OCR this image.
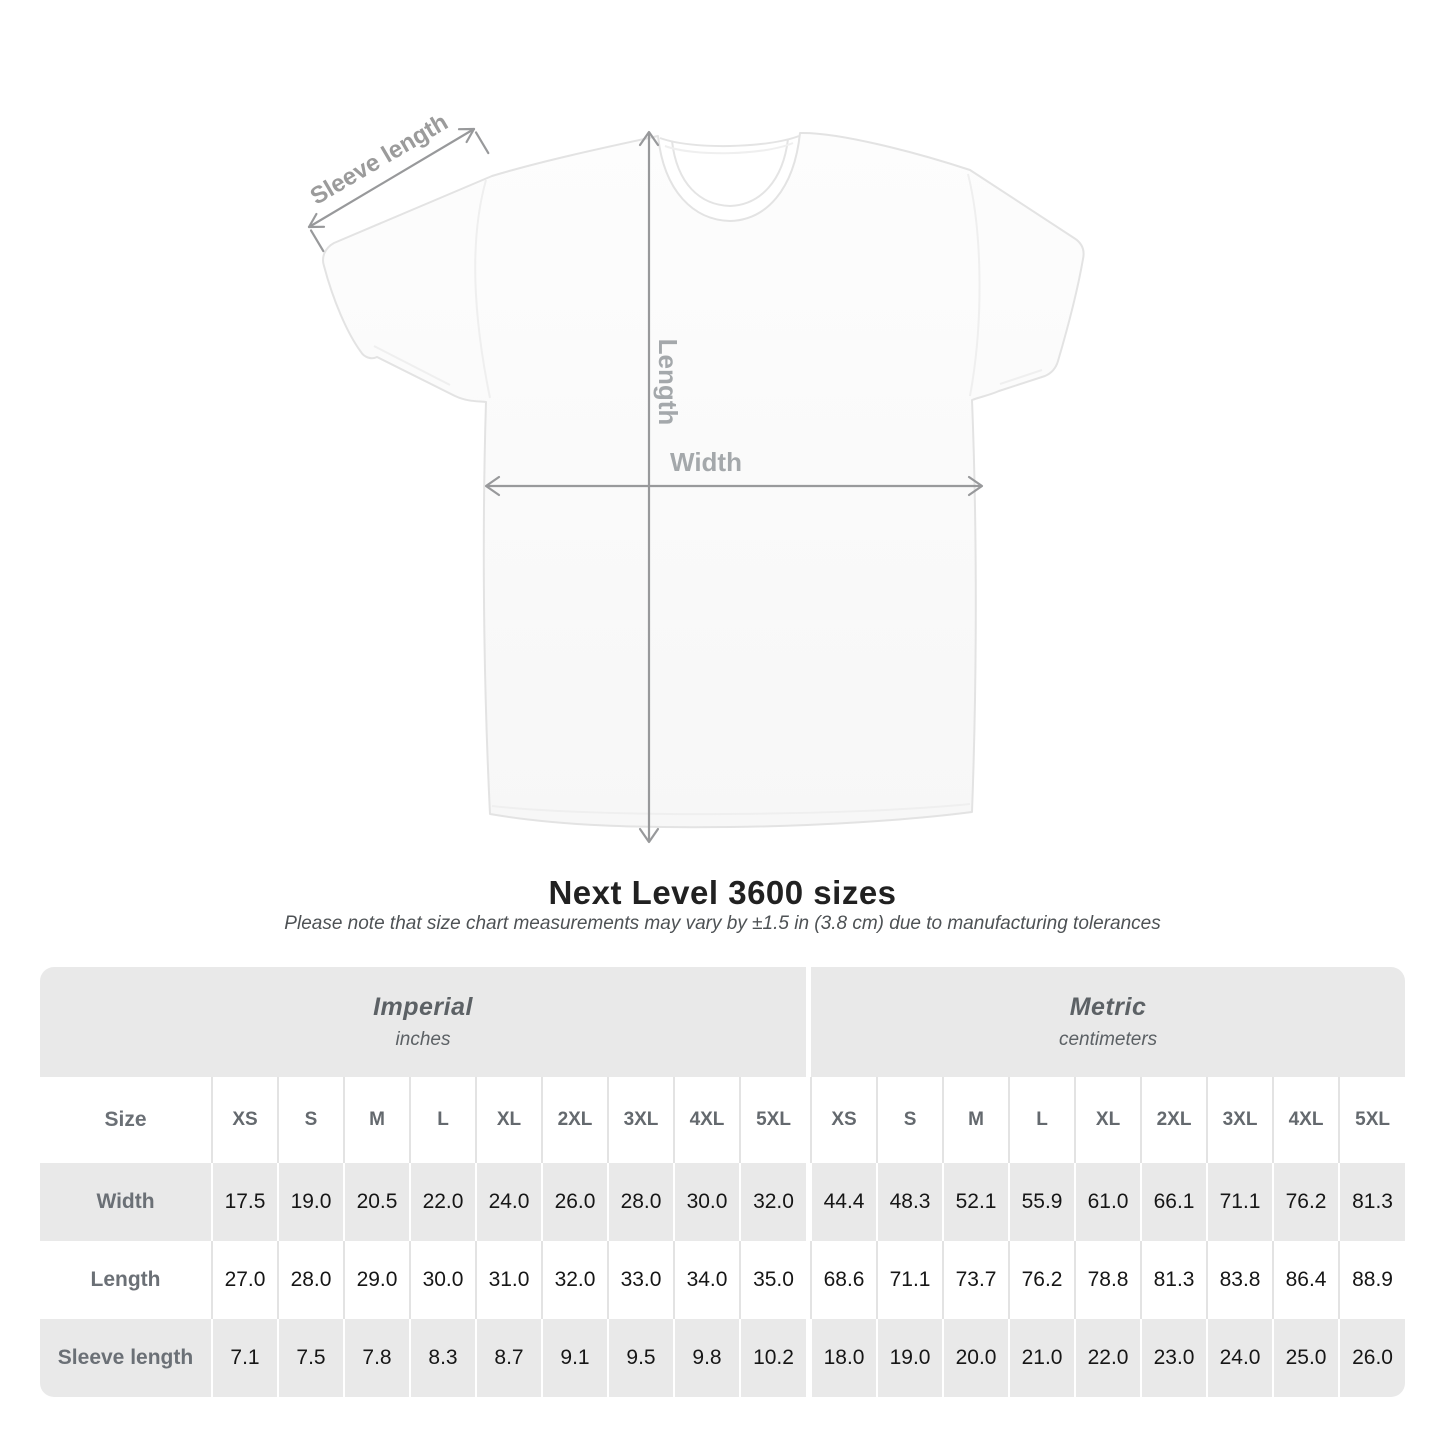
Sleeve length
Length
Width
Next Level 3600 sizes
Please note that size chart measurements may vary by ±1.5 in (3.8 cm) due to manufacturing tolerances
Imperial
inches

Metric
centimeters

Size	XS	S	M	L	XL	2XL	3XL	4XL	5XL		XS	S	M	L	XL	2XL	3XL	4XL	5XL
Width	17.5	19.0	20.5	22.0	24.0	26.0	28.0	30.0	32.0		44.4	48.3	52.1	55.9	61.0	66.1	71.1	76.2	81.3
Length	27.0	28.0	29.0	30.0	31.0	32.0	33.0	34.0	35.0		68.6	71.1	73.7	76.2	78.8	81.3	83.8	86.4	88.9
Sleeve length	7.1	7.5	7.8	8.3	8.7	9.1	9.5	9.8	10.2		18.0	19.0	20.0	21.0	22.0	23.0	24.0	25.0	26.0
